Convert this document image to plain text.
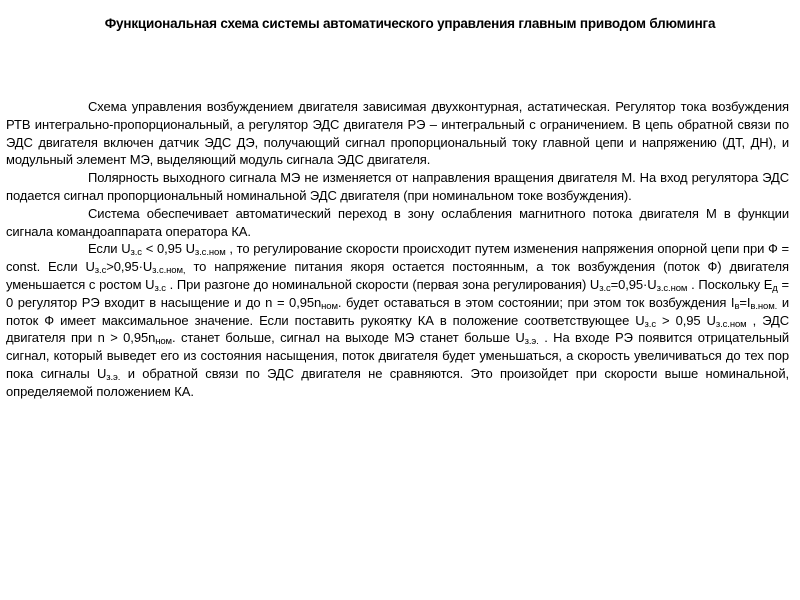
Функциональная схема системы автоматического управления главным приводом блюминга

Схема управления возбуждением двигателя зависимая двухконтурная, астатическая. Регулятор тока возбуждения РТВ интегрально-пропорциональный, а регулятор ЭДС двигателя РЭ – интегральный с ограничением. В цепь обратной связи по ЭДС двигателя включен датчик ЭДС ДЭ, получающий сигнал пропорциональный току главной цепи и напряжению (ДТ, ДН), и модульный элемент МЭ, выделяющий модуль сигнала ЭДС двигателя.

Полярность выходного сигнала МЭ не изменяется от направления вращения двигателя М. На вход регулятора ЭДС подается сигнал пропорциональный номинальной ЭДС двигателя (при номинальном токе возбуждения).

Система обеспечивает автоматический переход в зону ослабления магнитного потока двигателя М в функции сигнала командоаппарата оператора КА.

Если $U_{з.с} < 0,95$ $U_{з.с.ном}$ , то регулирование скорости происходит путем изменения напряжения опорной цепи при Ф = const. Если $U_{з.с}>0,95\cdot U_{з.с.ном,}$ то напряжение питания якоря остается постоянным, а ток возбуждения (поток Ф) двигателя уменьшается с ростом $U_{з.с}$ . При разгоне до номинальной скорости (первая зона регулирования) $U_{з.с}=0,95\cdot U_{з.с.ном}$ . Поскольку $Е_д = 0$ регулятор РЭ входит в насыщение и до $n = 0,95n_{ном}$. будет оставаться в этом состоянии; при этом ток возбуждения $I_в=I_{в.ном.}$ и поток Ф имеет максимальное значение. Если поставить рукоятку КА в положение соответствующее $U_{з.с} > 0,95$ $U_{з.с.ном}$ , ЭДС двигателя при $n > 0,95n_{ном}$. станет больше, сигнал на выходе МЭ станет больше $U_{з.э.}$ . На входе РЭ появится отрицательный сигнал, который выведет его из состояния насыщения, поток двигателя будет уменьшаться, а скорость увеличиваться до тех пор пока сигналы $U_{з.э.}$ и обратной связи по ЭДС двигателя не сравняются. Это произойдет при скорости выше номинальной, определяемой положением КА.
